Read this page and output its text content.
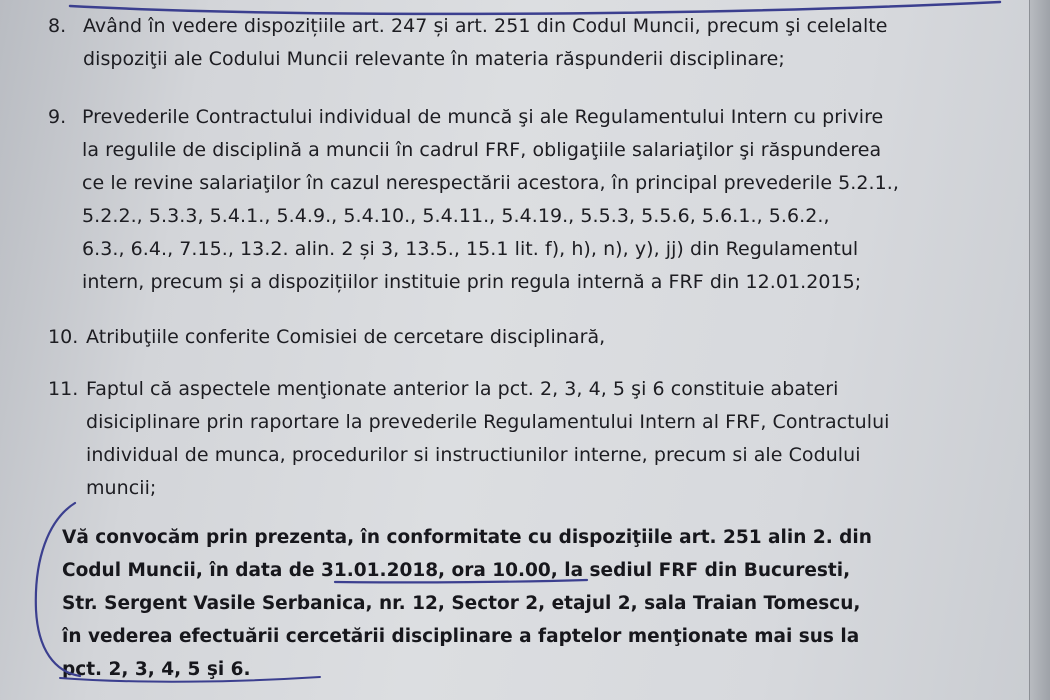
8. Având în vedere dispozițiile art. 247 și art. 251 din Codul Muncii, precum şi celelalte
dispoziţii ale Codului Muncii relevante în materia răspunderii disciplinare;
9. Prevederile Contractului individual de muncă şi ale Regulamentului Intern cu privire
la regulile de disciplină a muncii în cadrul FRF, obligaţiile salariaţilor şi răspunderea
ce le revine salariaţilor în cazul nerespectării acestora, în principal prevederile 5.2.1.,
5.2.2., 5.3.3, 5.4.1., 5.4.9., 5.4.10., 5.4.11., 5.4.19., 5.5.3, 5.5.6, 5.6.1., 5.6.2.,
6.3., 6.4., 7.15., 13.2. alin. 2 și 3, 13.5., 15.1 lit. f), h), n), y), jj) din Regulamentul
intern, precum și a dispozițiilor instituie prin regula internă a FRF din 12.01.2015;
10. Atribuţiile conferite Comisiei de cercetare disciplinară,
11. Faptul că aspectele menţionate anterior la pct. 2, 3, 4, 5 şi 6 constituie abateri
disiciplinare prin raportare la prevederile Regulamentului Intern al FRF, Contractului
individual de munca, procedurilor si instructiunilor interne, precum si ale Codului
muncii;
Vă convocăm prin prezenta, în conformitate cu dispoziţiile art. 251 alin 2. din
Codul Muncii, în data de 31.01.2018, ora 10.00, la sediul FRF din Bucuresti,
Str. Sergent Vasile Serbanica, nr. 12, Sector 2, etajul 2, sala Traian Tomescu,
în vederea efectuării cercetării disciplinare a faptelor menţionate mai sus la
pct. 2, 3, 4, 5 şi 6.
